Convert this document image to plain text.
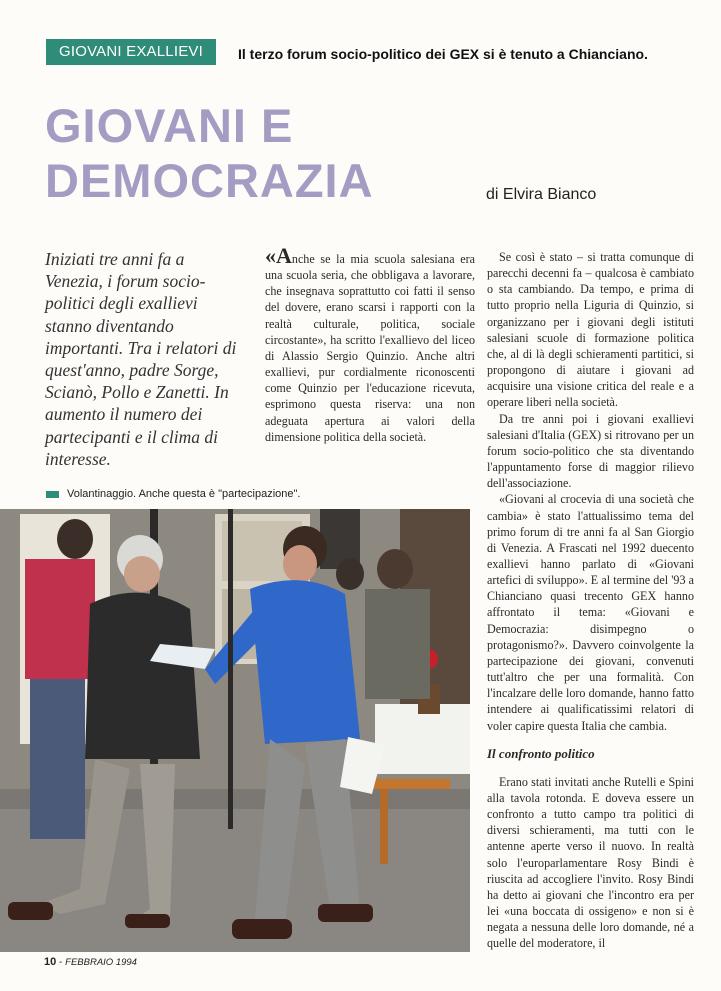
GIOVANI EXALLIEVI	Il terzo forum socio-politico dei GEX si è tenuto a Chianciano.
GIOVANI E
DEMOCRAZIA	di Elvira Bianco
Iniziati tre anni fa a Venezia, i forum socio-politici degli exallievi stanno diventando importanti. Tra i relatori di quest'anno, padre Sorge, Scianò, Pollo e Zanetti. In aumento il numero dei partecipanti e il clima di interesse.

«Anche se la mia scuola salesiana era una scuola seria, che obbligava a lavorare, che insegnava soprattutto coi fatti il senso del dovere, erano scarsi i rapporti con la realtà culturale, politica, sociale circostante», ha scritto l'exallievo del liceo di Alassio Sergio Quinzio. Anche altri exallievi, pur cordialmente riconoscenti come Quinzio per l'educazione ricevuta, esprimono questa riserva: una non adeguata apertura ai valori della dimensione politica della società.

Se così è stato – si tratta comunque di parecchi decenni fa – qualcosa è cambiato o sta cambiando. Da tempo, e prima di tutto proprio nella Liguria di Quinzio, si organizzano per i giovani degli istituti salesiani scuole di formazione politica che, al di là degli schieramenti partitici, si propongono di aiutare i giovani ad acquisire una visione critica del reale e a operare liberi nella società.

Da tre anni poi i giovani exallievi salesiani d'Italia (GEX) si ritrovano per un forum socio-politico che sta diventando l'appuntamento forse di maggior rilievo dell'associazione.

«Giovani al crocevia di una società che cambia» è stato l'attualissimo tema del primo forum di tre anni fa al San Giorgio di Venezia. A Frascati nel 1992 duecento exallievi hanno parlato di «Giovani artefici di sviluppo». E al termine del '93 a Chianciano quasi trecento GEX hanno affrontato il tema: «Giovani e Democrazia: disimpegno o protagonismo?». Davvero coinvolgente la partecipazione dei giovani, convenuti tutt'altro che per una formalità. Con l'incalzare delle loro domande, hanno fatto intendere ai qualificatissimi relatori di voler capire questa Italia che cambia.

Il confronto politico

Erano stati invitati anche Rutelli e Spini alla tavola rotonda. E doveva essere un confronto a tutto campo tra politici di diversi schieramenti, ma tutti con le antenne aperte verso il nuovo. In realtà solo l'europarlamentare Rosy Bindi è riuscita ad accogliere l'invito. Rosy Bindi ha detto ai giovani che l'incontro era per lei «una boccata di ossigeno» e non si è negata a nessuna delle loro domande, né a quelle del moderatore, il

Volantinaggio. Anche questa è "partecipazione".
10 - FEBBRAIO 1994
